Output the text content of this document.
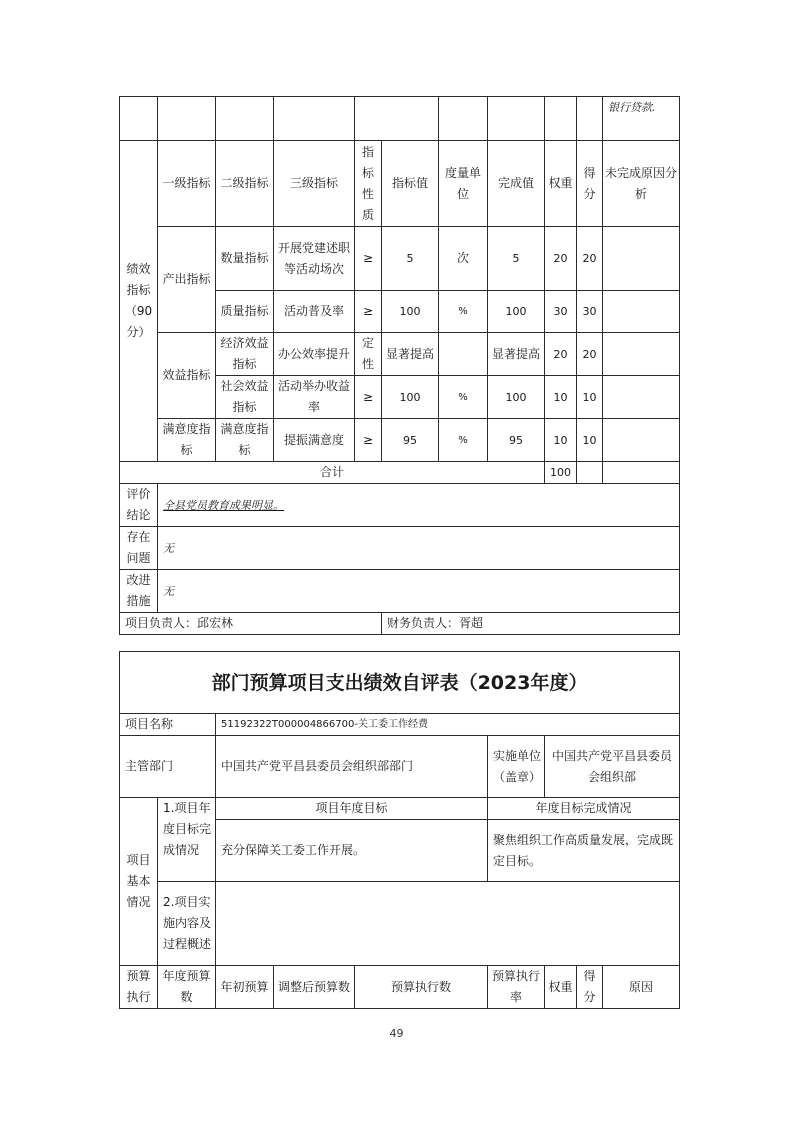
										银行贷款.
绩效指标（90分）	一级指标	二级指标	三级指标	指标性质	指标值	度量单位	完成值	权重	得分	未完成原因分析
	产出指标	数量指标	开展党建述职等活动场次	≥	5	次	5	20	20	
		质量指标	活动普及率	≥	100	%	100	30	30	
	效益指标	经济效益指标	办公效率提升	定性	显著提高		显著提高	20	20	
		社会效益指标	活动举办收益率	≥	100	%	100	10	10	
	满意度指标	满意度指标	提振满意度	≥	95	%	95	10	10	
合计								100		
评价结论	全县党员教育成果明显。									
存在问题	无									
改进措施	无									
项目负责人：邱宏林					财务负责人：胥超					
部门预算项目支出绩效自评表（2023年度）								
项目名称		51192322T000004866700-关工委工作经费						
主管部门		中国共产党平昌县委员会组织部部门			实施单位（盖章）	中国共产党平昌县委员会组织部		
项目基本情况	1.项目年度目标完成情况	项目年度目标			年度目标完成情况			
		充分保障关工委工作开展。			聚焦组织工作高质量发展，完成既定目标。			
	2.项目实施内容及过程概述							
预算执行	年度预算数	年初预算	调整后预算数	预算执行数	预算执行率	权重	得分	原因
49
